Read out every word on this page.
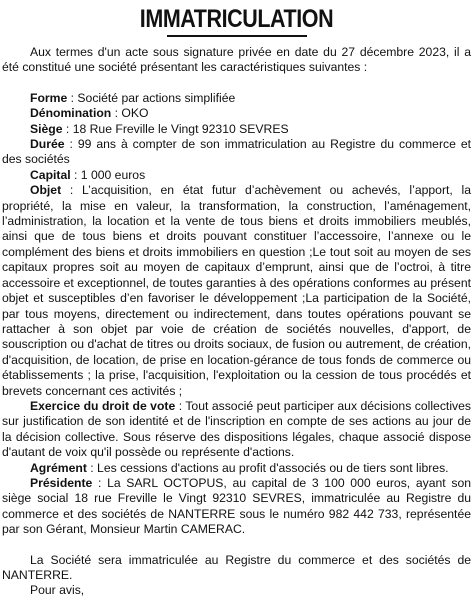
IMMATRICULATION

Aux termes d'un acte sous signature privée en date du 27 décembre 2023, il a été constitué une société présentant les caractéristiques suivantes :

Forme : Société par actions simplifiée

Dénomination : OKO

Siège : 18 Rue Freville le Vingt 92310 SEVRES

Durée : 99 ans à compter de son immatriculation au Registre du commerce et des sociétés

Capital : 1 000 euros

Objet : L’acquisition, en état futur d’achèvement ou achevés, l’apport, la propriété, la mise en valeur, la transformation, la construction, l’aménagement, l’administration, la location et la vente de tous biens et droits immobiliers meublés, ainsi que de tous biens et droits pouvant constituer l’accessoire, l’annexe ou le complément des biens et droits immobiliers en question ;Le tout soit au moyen de ses capitaux propres soit au moyen de capitaux d’emprunt, ainsi que de l’octroi, à titre accessoire et exceptionnel, de toutes garanties à des opérations conformes au présent objet et susceptibles d’en favoriser le développement ;La participation de la Société, par tous moyens, directement ou indirectement, dans toutes opérations pouvant se rattacher à son objet par voie de création de sociétés nouvelles, d'apport, de souscription ou d'achat de titres ou droits sociaux, de fusion ou autrement, de création, d'acquisition, de location, de prise en location-gérance de tous fonds de commerce ou établissements ; la prise, l'acquisition, l'exploitation ou la cession de tous procédés et brevets concernant ces activités ;

Exercice du droit de vote : Tout associé peut participer aux décisions collectives sur justification de son identité et de l'inscription en compte de ses actions au jour de la décision collective. Sous réserve des dispositions légales, chaque associé dispose d'autant de voix qu'il possède ou représente d'actions.

Agrément : Les cessions d'actions au profit d'associés ou de tiers sont libres.

Présidente : La SARL OCTOPUS, au capital de 3 100 000 euros, ayant son siège social 18 rue Freville le Vingt 92310 SEVRES, immatriculée au Registre du commerce et des sociétés de NANTERRE sous le numéro 982 442 733, représentée par son Gérant, Monsieur Martin CAMERAC.

La Société sera immatriculée au Registre du commerce et des sociétés de NANTERRE.

Pour avis,
